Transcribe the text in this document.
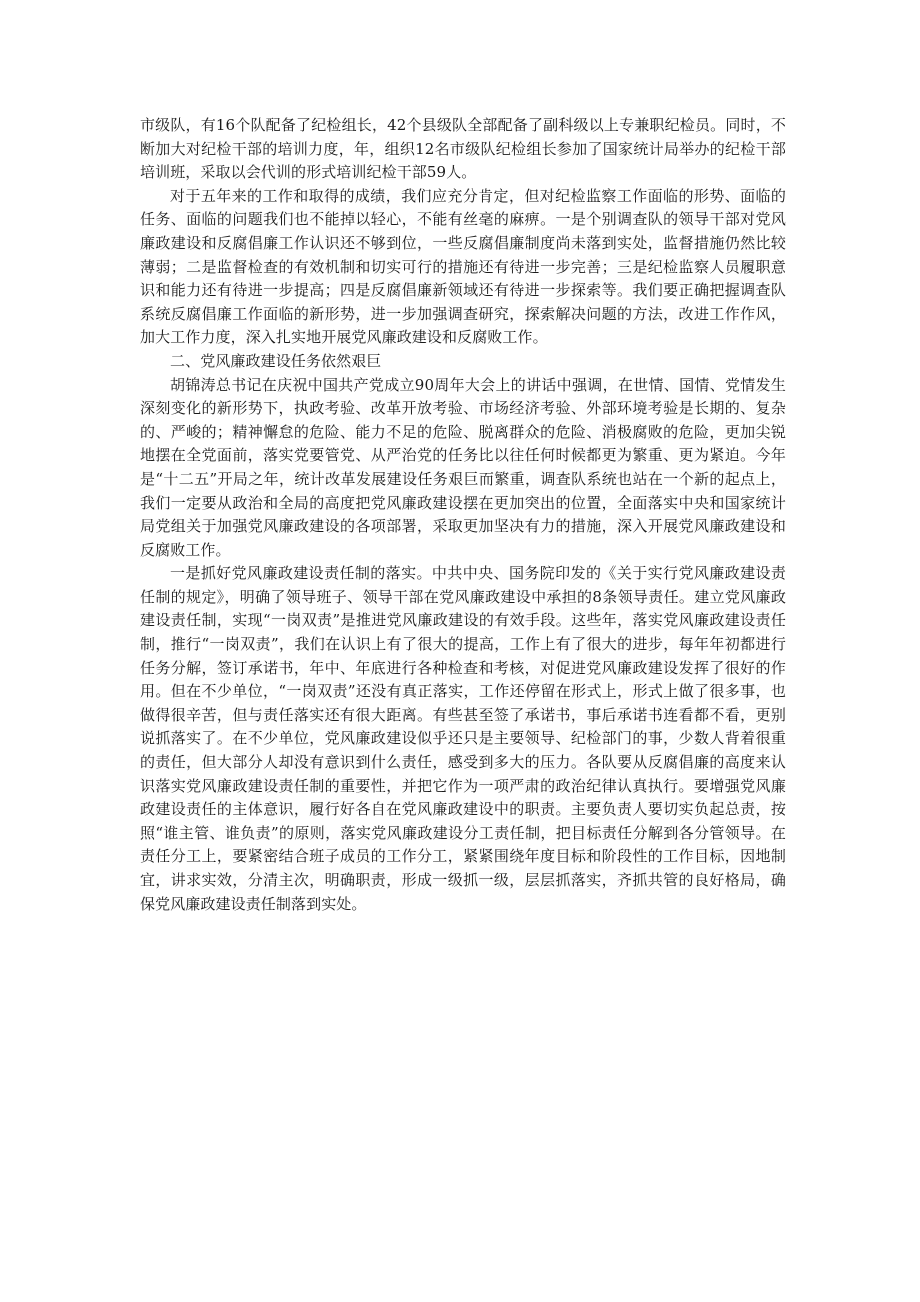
市级队，有16个队配备了纪检组长，42个县级队全部配备了副科级以上专兼职纪检员。同时，不断加大对纪检干部的培训力度，年，组织12名市级队纪检组长参加了国家统计局举办的纪检干部培训班，采取以会代训的形式培训纪检干部59人。

对于五年来的工作和取得的成绩，我们应充分肯定，但对纪检监察工作面临的形势、面临的任务、面临的问题我们也不能掉以轻心，不能有丝毫的麻痹。一是个别调查队的领导干部对党风廉政建设和反腐倡廉工作认识还不够到位，一些反腐倡廉制度尚未落到实处，监督措施仍然比较薄弱；二是监督检查的有效机制和切实可行的措施还有待进一步完善；三是纪检监察人员履职意识和能力还有待进一步提高；四是反腐倡廉新领域还有待进一步探索等。我们要正确把握调查队系统反腐倡廉工作面临的新形势，进一步加强调查研究，探索解决问题的方法，改进工作作风，加大工作力度，深入扎实地开展党风廉政建设和反腐败工作。

二、党风廉政建设任务依然艰巨

胡锦涛总书记在庆祝中国共产党成立90周年大会上的讲话中强调，在世情、国情、党情发生深刻变化的新形势下，执政考验、改革开放考验、市场经济考验、外部环境考验是长期的、复杂的、严峻的；精神懈怠的危险、能力不足的危险、脱离群众的危险、消极腐败的危险，更加尖锐地摆在全党面前，落实党要管党、从严治党的任务比以往任何时候都更为繁重、更为紧迫。今年是“十二五”开局之年，统计改革发展建设任务艰巨而繁重，调查队系统也站在一个新的起点上，我们一定要从政治和全局的高度把党风廉政建设摆在更加突出的位置，全面落实中央和国家统计局党组关于加强党风廉政建设的各项部署，采取更加坚决有力的措施，深入开展党风廉政建设和反腐败工作。

一是抓好党风廉政建设责任制的落实。中共中央、国务院印发的《关于实行党风廉政建设责任制的规定》，明确了领导班子、领导干部在党风廉政建设中承担的8条领导责任。建立党风廉政建设责任制，实现“一岗双责”是推进党风廉政建设的有效手段。这些年，落实党风廉政建设责任制，推行“一岗双责”，我们在认识上有了很大的提高，工作上有了很大的进步，每年年初都进行任务分解，签订承诺书，年中、年底进行各种检查和考核，对促进党风廉政建设发挥了很好的作用。但在不少单位，“一岗双责”还没有真正落实，工作还停留在形式上，形式上做了很多事，也做得很辛苦，但与责任落实还有很大距离。有些甚至签了承诺书，事后承诺书连看都不看，更别说抓落实了。在不少单位，党风廉政建设似乎还只是主要领导、纪检部门的事，少数人背着很重的责任，但大部分人却没有意识到什么责任，感受到多大的压力。各队要从反腐倡廉的高度来认识落实党风廉政建设责任制的重要性，并把它作为一项严肃的政治纪律认真执行。要增强党风廉政建设责任的主体意识，履行好各自在党风廉政建设中的职责。主要负责人要切实负起总责，按照“谁主管、谁负责”的原则，落实党风廉政建设分工责任制，把目标责任分解到各分管领导。在责任分工上，要紧密结合班子成员的工作分工，紧紧围绕年度目标和阶段性的工作目标，因地制宜，讲求实效，分清主次，明确职责，形成一级抓一级，层层抓落实，齐抓共管的良好格局，确保党风廉政建设责任制落到实处。
